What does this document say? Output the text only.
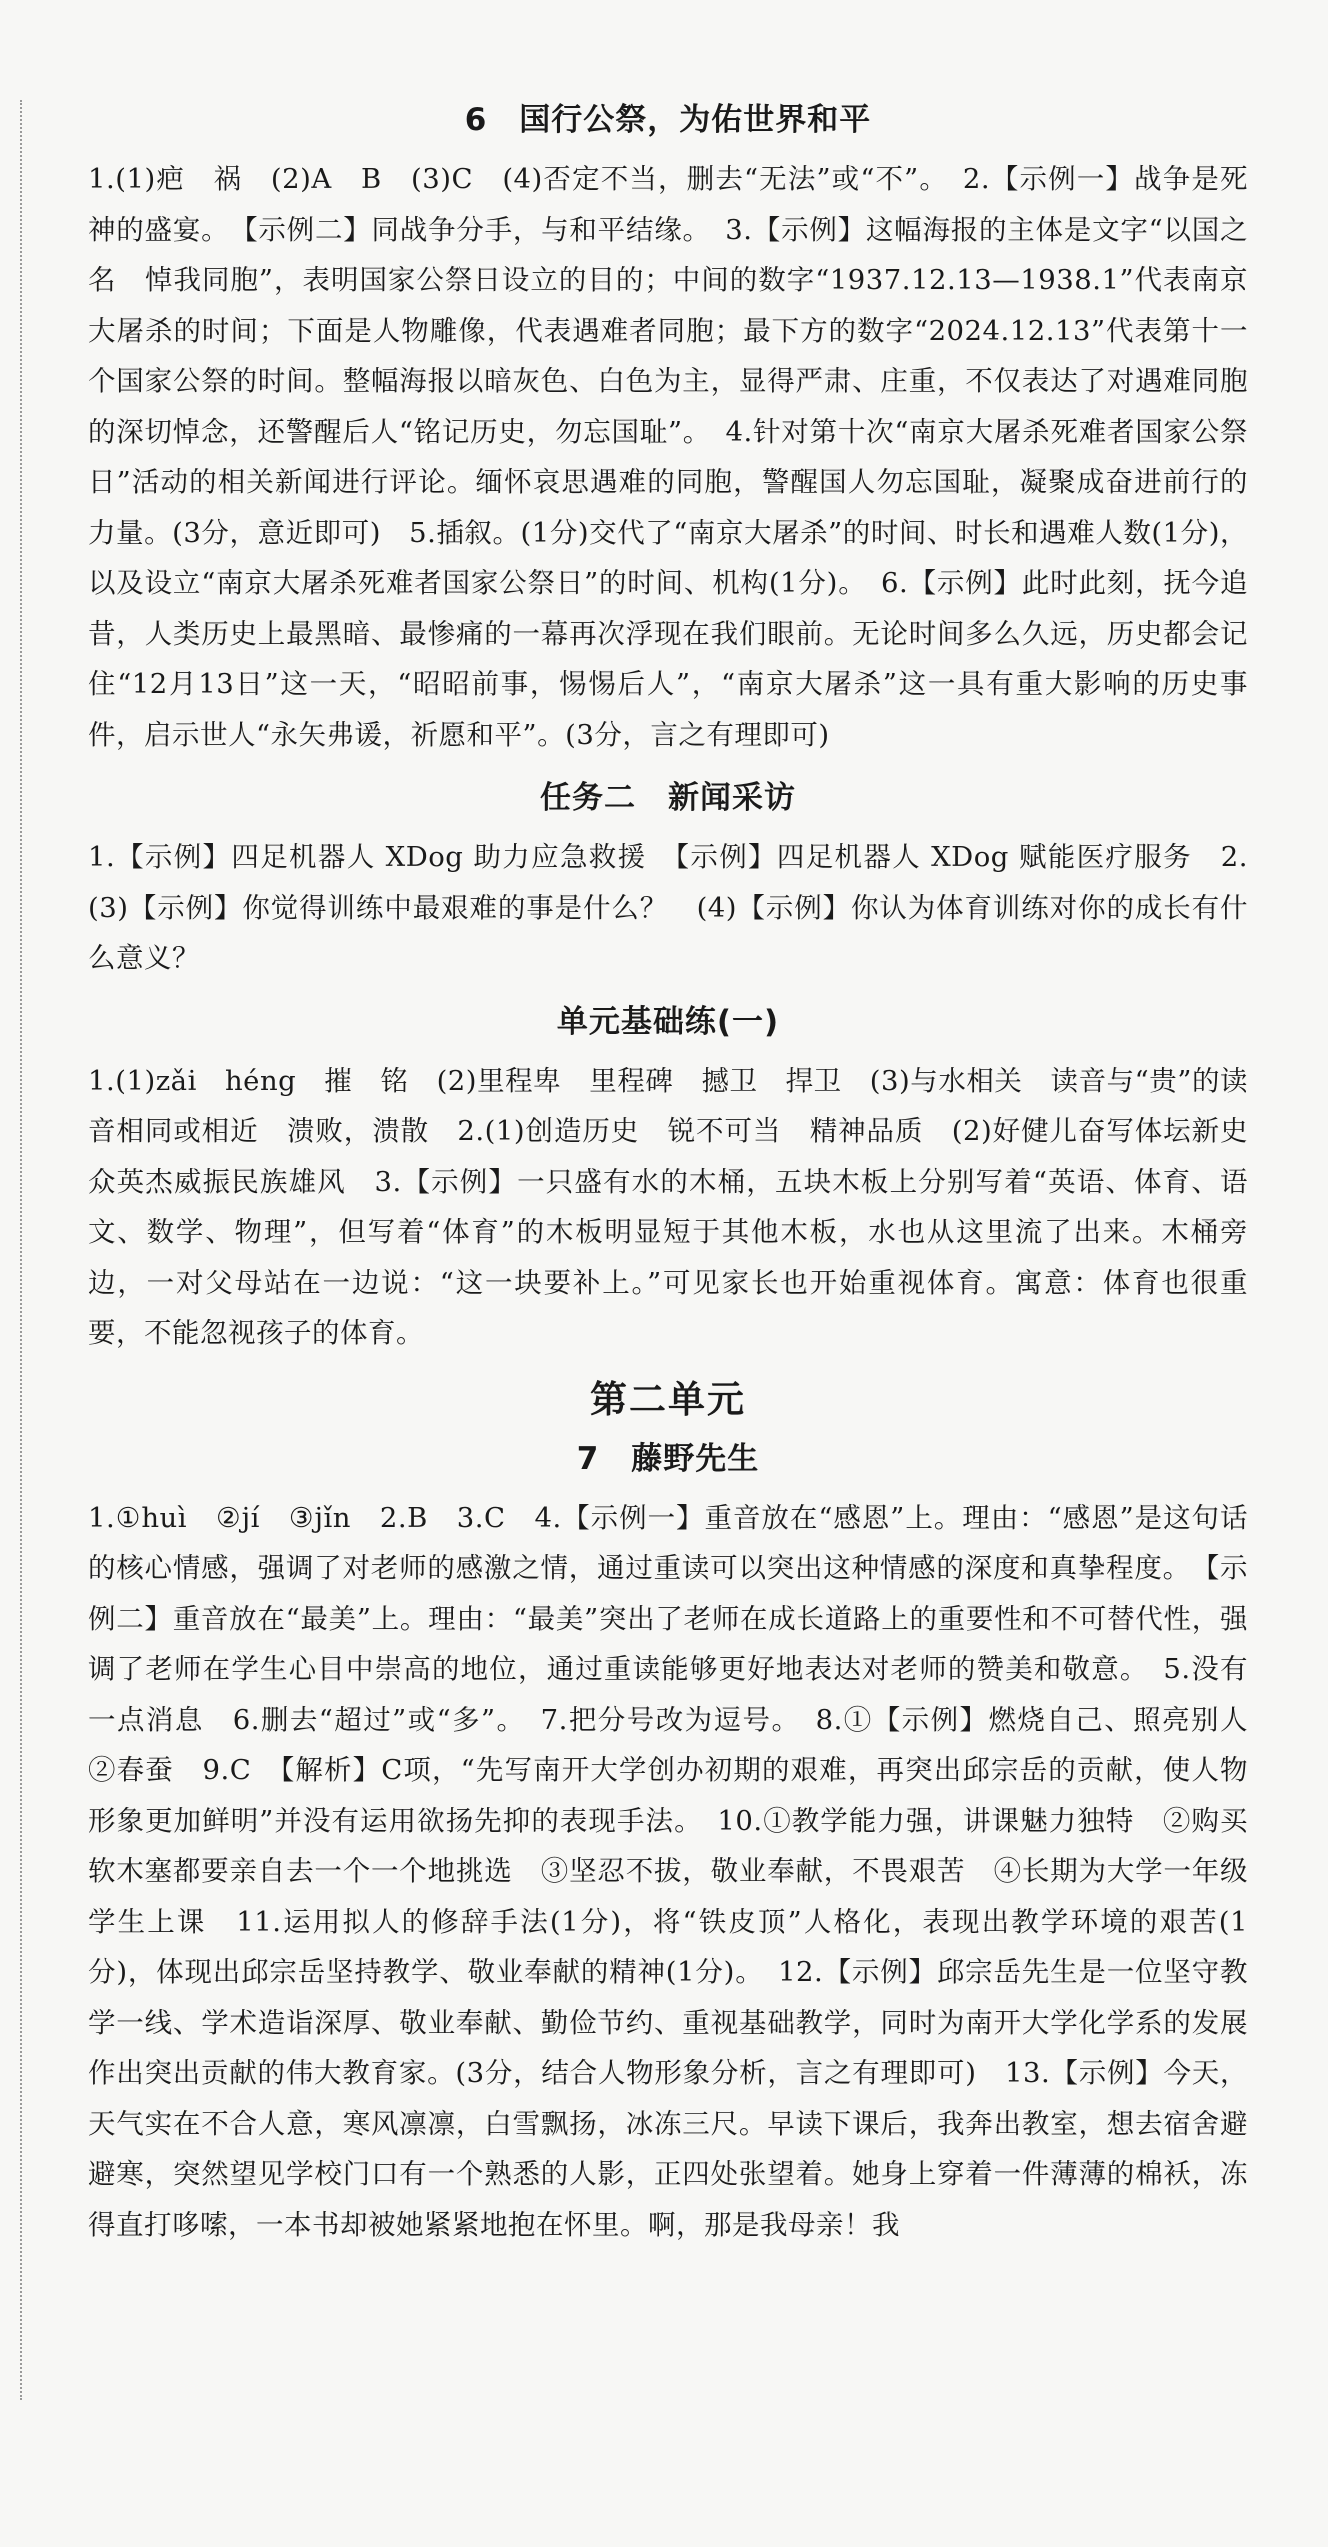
6　国行公祭，为佑世界和平

1.(1)疤　祸　(2)A　B　(3)C　(4)否定不当，删去“无法”或“不”。　2.【示例一】战争是死神的盛宴。　【示例二】同战争分手，与和平结缘。　3.【示例】这幅海报的主体是文字“以国之名　悼我同胞”，表明国家公祭日设立的目的；中间的数字“1937.12.13—1938.1”代表南京大屠杀的时间；下面是人物雕像，代表遇难者同胞；最下方的数字“2024.12.13”代表第十一个国家公祭的时间。整幅海报以暗灰色、白色为主，显得严肃、庄重，不仅表达了对遇难同胞的深切悼念，还警醒后人“铭记历史，勿忘国耻”。　4.针对第十次“南京大屠杀死难者国家公祭日”活动的相关新闻进行评论。缅怀哀思遇难的同胞，警醒国人勿忘国耻，凝聚成奋进前行的力量。(3分，意近即可)　5.插叙。(1分)交代了“南京大屠杀”的时间、时长和遇难人数(1分)，以及设立“南京大屠杀死难者国家公祭日”的时间、机构(1分)。　6.【示例】此时此刻，抚今追昔，人类历史上最黑暗、最惨痛的一幕再次浮现在我们眼前。无论时间多么久远，历史都会记住“12月13日”这一天，“昭昭前事，惕惕后人”，“南京大屠杀”这一具有重大影响的历史事件，启示世人“永矢弗谖，祈愿和平”。(3分，言之有理即可)

任务二　新闻采访

1.【示例】四足机器人 XDog 助力应急救援　【示例】四足机器人 XDog 赋能医疗服务　2.(3)【示例】你觉得训练中最艰难的事是什么？　(4)【示例】你认为体育训练对你的成长有什么意义？

单元基础练(一)

1.(1)zǎi　héng　摧　铭　(2)里程卑　里程碑　撼卫　捍卫　(3)与水相关　读音与“贵”的读音相同或相近　溃败，溃散　2.(1)创造历史　锐不可当　精神品质　(2)好健儿奋写体坛新史　众英杰威振民族雄风　3.【示例】一只盛有水的木桶，五块木板上分别写着“英语、体育、语文、数学、物理”，但写着“体育”的木板明显短于其他木板，水也从这里流了出来。木桶旁边，一对父母站在一边说：“这一块要补上。”可见家长也开始重视体育。寓意：体育也很重要，不能忽视孩子的体育。

第二单元
7　藤野先生

1.①huì　②jí　③jǐn　2.B　3.C　4.【示例一】重音放在“感恩”上。理由：“感恩”是这句话的核心情感，强调了对老师的感激之情，通过重读可以突出这种情感的深度和真挚程度。　【示例二】重音放在“最美”上。理由：“最美”突出了老师在成长道路上的重要性和不可替代性，强调了老师在学生心目中崇高的地位，通过重读能够更好地表达对老师的赞美和敬意。　5.没有一点消息　6.删去“超过”或“多”。　7.把分号改为逗号。　8.①【示例】燃烧自己、照亮别人　②春蚕　9.C　【解析】C项，“先写南开大学创办初期的艰难，再突出邱宗岳的贡献，使人物形象更加鲜明”并没有运用欲扬先抑的表现手法。　10.①教学能力强，讲课魅力独特　②购买软木塞都要亲自去一个一个地挑选　③坚忍不拔，敬业奉献，不畏艰苦　④长期为大学一年级学生上课　11.运用拟人的修辞手法(1分)，将“铁皮顶”人格化，表现出教学环境的艰苦(1分)，体现出邱宗岳坚持教学、敬业奉献的精神(1分)。　12.【示例】邱宗岳先生是一位坚守教学一线、学术造诣深厚、敬业奉献、勤俭节约、重视基础教学，同时为南开大学化学系的发展作出突出贡献的伟大教育家。(3分，结合人物形象分析，言之有理即可)　13.【示例】今天，天气实在不合人意，寒风凛凛，白雪飘扬，冰冻三尺。早读下课后，我奔出教室，想去宿舍避避寒，突然望见学校门口有一个熟悉的人影，正四处张望着。她身上穿着一件薄薄的棉袄，冻得直打哆嗦，一本书却被她紧紧地抱在怀里。啊，那是我母亲！我
